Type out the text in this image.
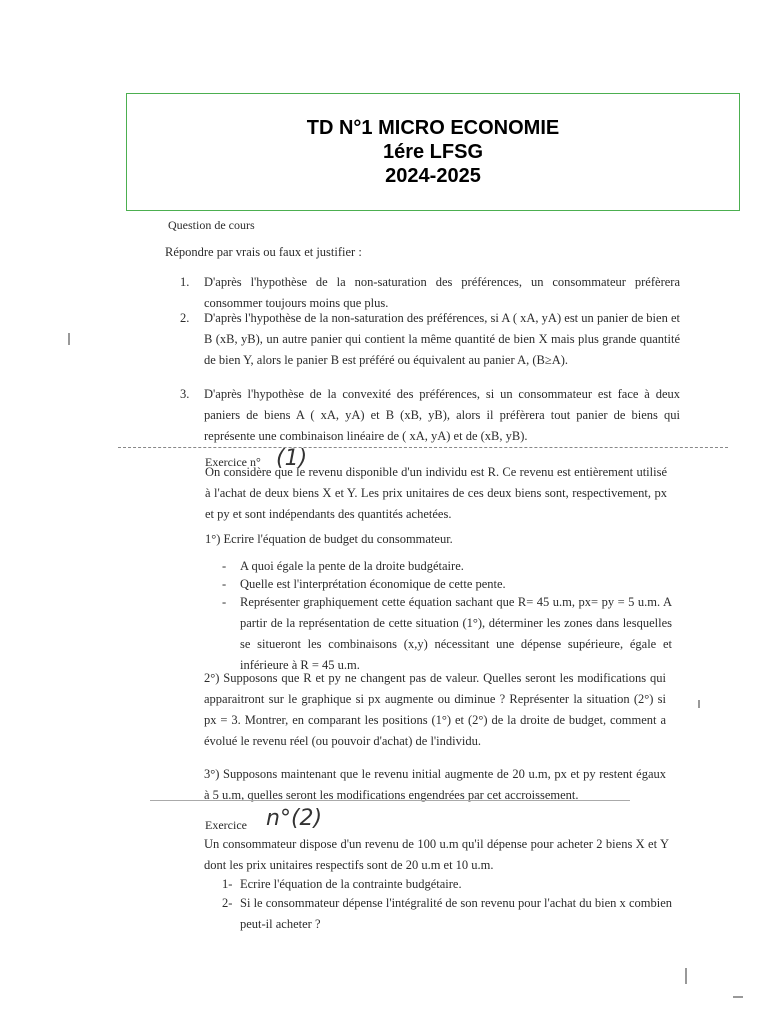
TD N°1 MICRO ECONOMIE
1ére LFSG
2024-2025
Question de cours
Répondre par vrais ou faux et justifier :
1. D'après l'hypothèse de la non-saturation des préférences, un consommateur préfèrera consommer toujours moins que plus.
2. D'après l'hypothèse de la non-saturation des préférences, si A ( xA, yA) est un panier de bien et B (xB, yB), un autre panier qui contient la même quantité de bien X mais plus grande quantité de bien Y, alors le panier B est préféré ou équivalent au panier A, (B≥A).
3. D'après l'hypothèse de la convexité des préférences, si un consommateur est face à deux paniers de biens A ( xA, yA) et B (xB, yB), alors il préfèrera tout panier de biens qui représente une combinaison linéaire de ( xA, yA) et de (xB, yB).
Exercice n° (1)
On considère que le revenu disponible d'un individu est R. Ce revenu est entièrement utilisé à l'achat de deux biens X et Y. Les prix unitaires de ces deux biens sont, respectivement, px et py et sont indépendants des quantités achetées.
1°) Ecrire l'équation de budget du consommateur.
- A quoi égale la pente de la droite budgétaire.
- Quelle est l'interprétation économique de cette pente.
- Représenter graphiquement cette équation sachant que R= 45 u.m, px= py = 5 u.m. A partir de la représentation de cette situation (1°), déterminer les zones dans lesquelles se situeront les combinaisons (x,y) nécessitant une dépense supérieure, égale et inférieure à R = 45 u.m.
2°) Supposons que R et py ne changent pas de valeur. Quelles seront les modifications qui apparaitront sur le graphique si px augmente ou diminue ? Représenter la situation (2°) si px = 3. Montrer, en comparant les positions (1°) et (2°) de la droite de budget, comment a évolué le revenu réel (ou pouvoir d'achat) de l'individu.
3°) Supposons maintenant que le revenu initial augmente de 20 u.m, px et py restent égaux à 5 u.m, quelles seront les modifications engendrées par cet accroissement.
Exercice n°(2)
Un consommateur dispose d'un revenu de 100 u.m qu'il dépense pour acheter 2 biens X et Y dont les prix unitaires respectifs sont de 20 u.m et 10 u.m.
1- Ecrire l'équation de la contrainte budgétaire.
2- Si le consommateur dépense l'intégralité de son revenu pour l'achat du bien x combien peut-il acheter ?
